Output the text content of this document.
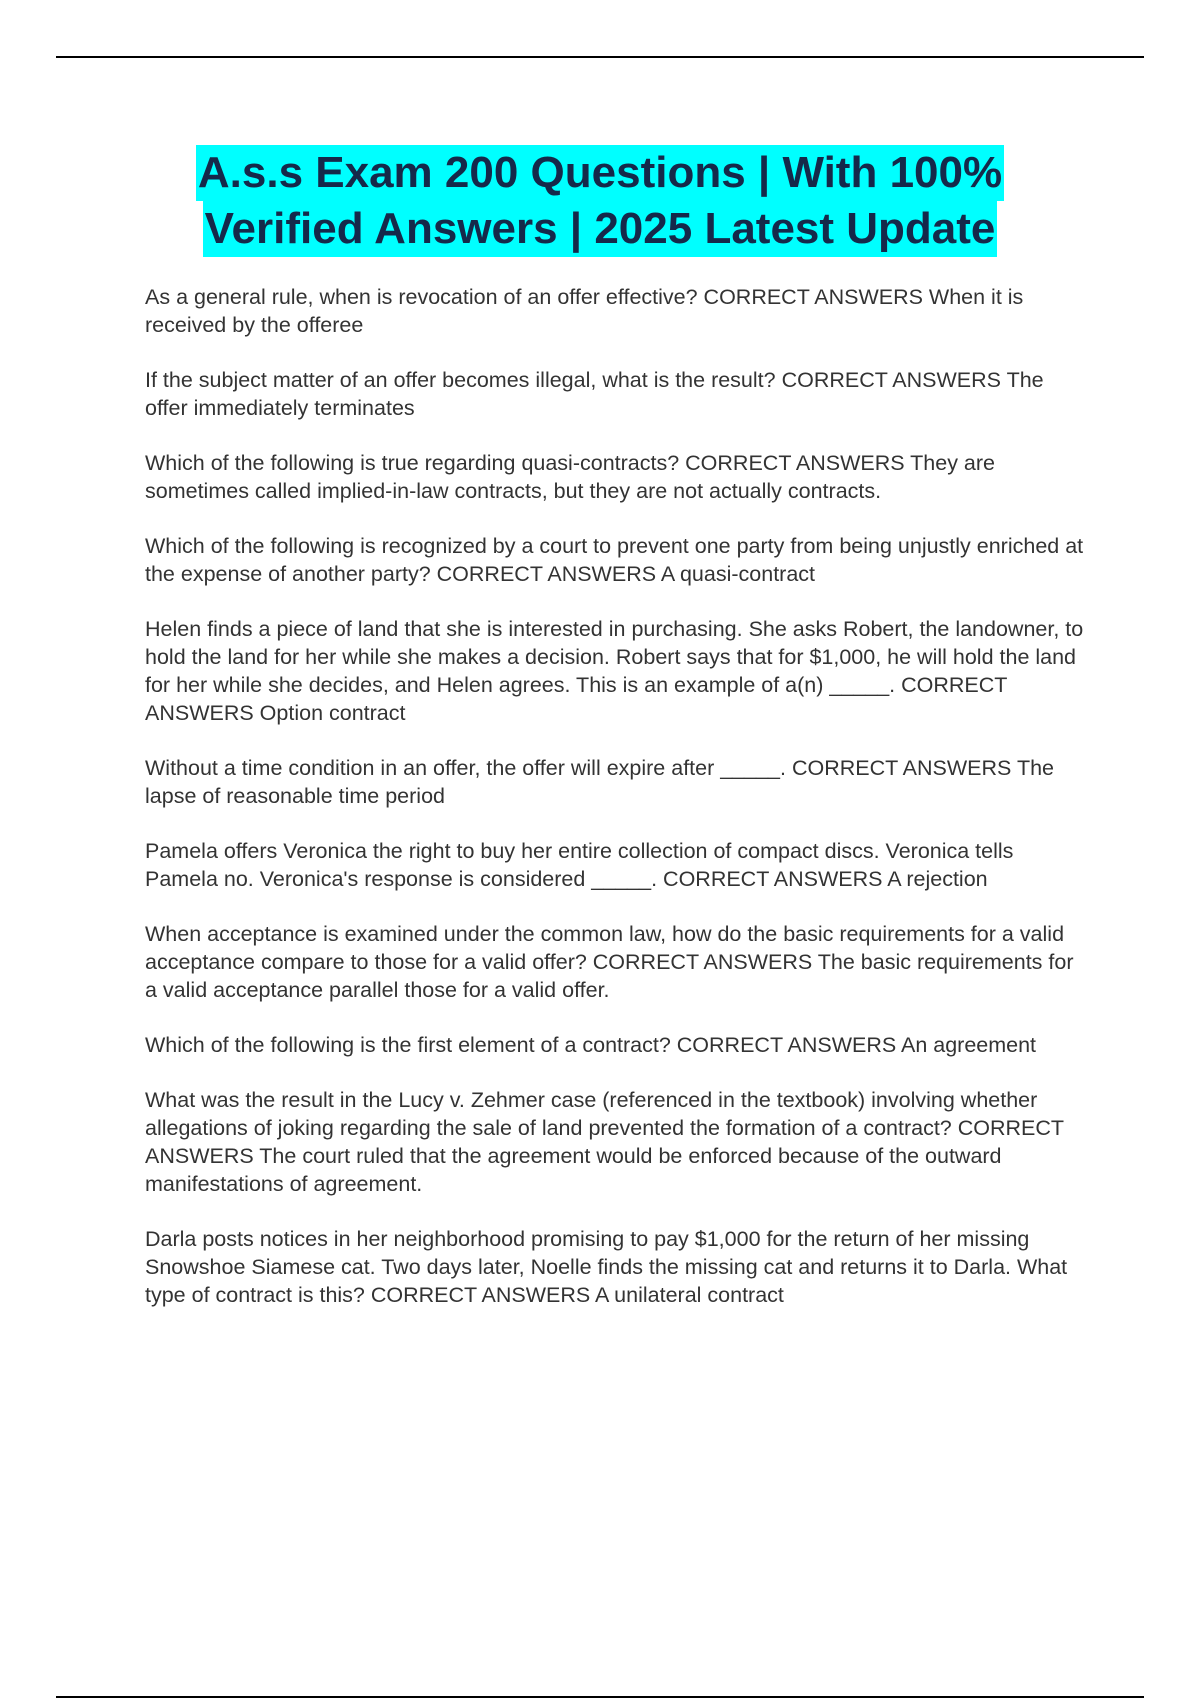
A.s.s Exam 200 Questions | With 100%
Verified Answers | 2025 Latest Update

As a general rule, when is revocation of an offer effective? CORRECT ANSWERS When it is received by the offeree

If the subject matter of an offer becomes illegal, what is the result? CORRECT ANSWERS The offer immediately terminates

Which of the following is true regarding quasi-contracts? CORRECT ANSWERS They are sometimes called implied-in-law contracts, but they are not actually contracts.

Which of the following is recognized by a court to prevent one party from being unjustly enriched at the expense of another party? CORRECT ANSWERS A quasi-contract

Helen finds a piece of land that she is interested in purchasing. She asks Robert, the landowner, to hold the land for her while she makes a decision. Robert says that for $1,000, he will hold the land for her while she decides, and Helen agrees. This is an example of a(n) _____. CORRECT ANSWERS Option contract

Without a time condition in an offer, the offer will expire after _____. CORRECT ANSWERS The lapse of reasonable time period

Pamela offers Veronica the right to buy her entire collection of compact discs. Veronica tells Pamela no. Veronica's response is considered _____. CORRECT ANSWERS A rejection

When acceptance is examined under the common law, how do the basic requirements for a valid acceptance compare to those for a valid offer? CORRECT ANSWERS The basic requirements for a valid acceptance parallel those for a valid offer.

Which of the following is the first element of a contract? CORRECT ANSWERS An agreement

What was the result in the Lucy v. Zehmer case (referenced in the textbook) involving whether allegations of joking regarding the sale of land prevented the formation of a contract? CORRECT ANSWERS The court ruled that the agreement would be enforced because of the outward manifestations of agreement.

Darla posts notices in her neighborhood promising to pay $1,000 for the return of her missing Snowshoe Siamese cat. Two days later, Noelle finds the missing cat and returns it to Darla. What type of contract is this? CORRECT ANSWERS A unilateral contract
